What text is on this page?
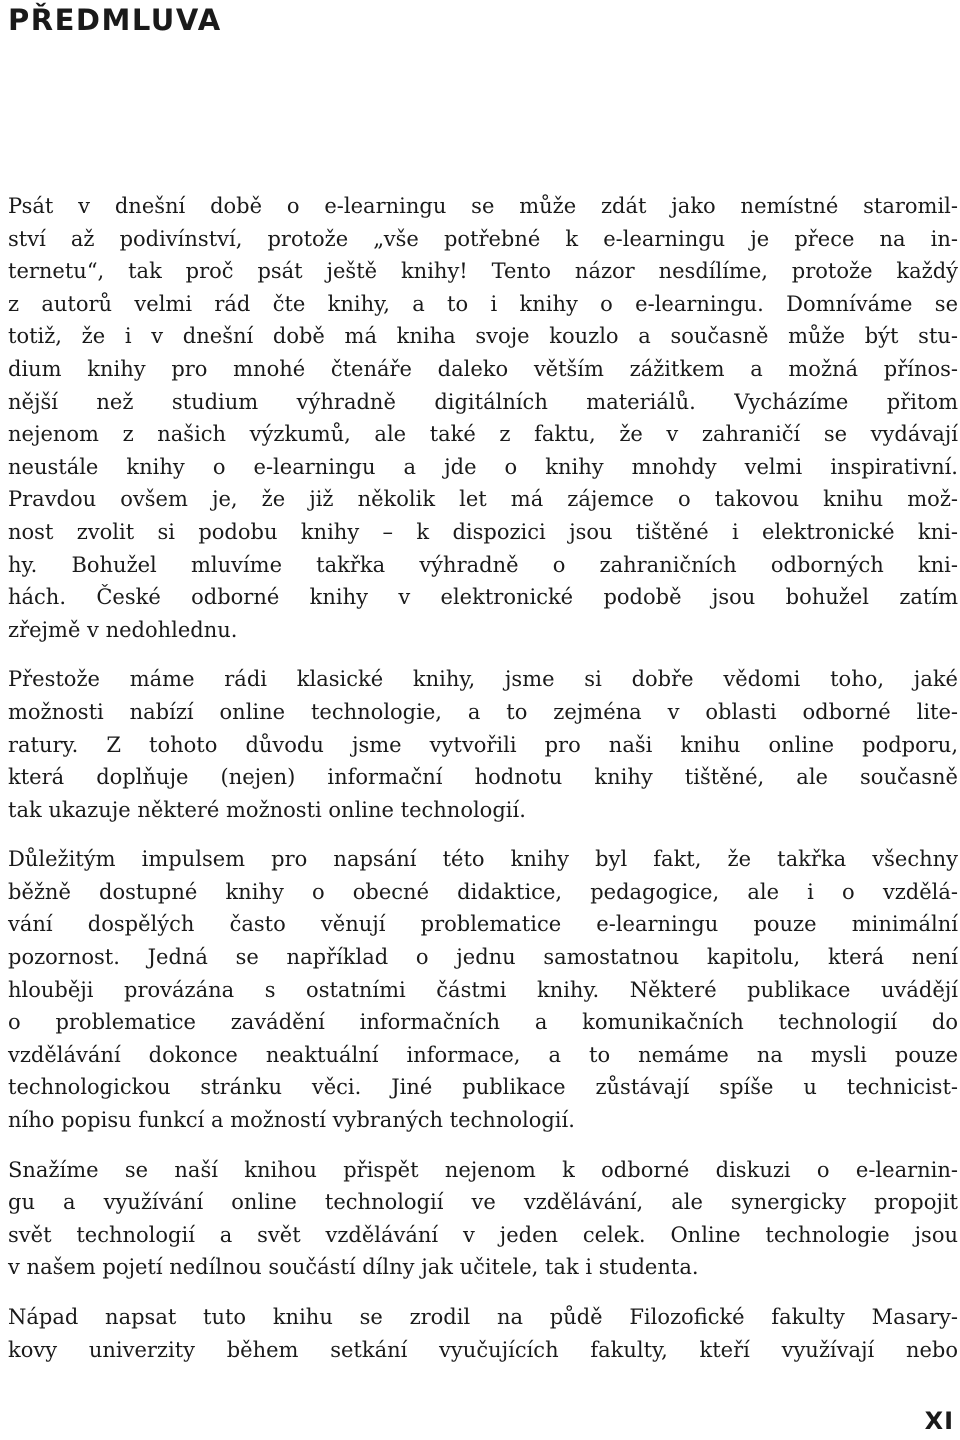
PŘEDMLUVA

Psát v dnešní době o e-learningu se může zdát jako nemístné staromil-
ství až podivínství, protože „vše potřebné k e-learningu je přece na in-
ternetu“, tak proč psát ještě knihy! Tento názor nesdílíme, protože každý
z autorů velmi rád čte knihy, a to i knihy o e-learningu. Domníváme se
totiž, že i v dnešní době má kniha svoje kouzlo a současně může být stu-
dium knihy pro mnohé čtenáře daleko větším zážitkem a možná přínos-
nější než studium výhradně digitálních materiálů. Vycházíme přitom
nejenom z našich výzkumů, ale také z faktu, že v zahraničí se vydávají
neustále knihy o e-learningu a jde o knihy mnohdy velmi inspirativní.
Pravdou ovšem je, že již několik let má zájemce o takovou knihu mož-
nost zvolit si podobu knihy – k dispozici jsou tištěné i elektronické kni-
hy. Bohužel mluvíme takřka výhradně o zahraničních odborných kni-
hách. České odborné knihy v elektronické podobě jsou bohužel zatím
zřejmě v nedohlednu.

Přestože máme rádi klasické knihy, jsme si dobře vědomi toho, jaké
možnosti nabízí online technologie, a to zejména v oblasti odborné lite-
ratury. Z tohoto důvodu jsme vytvořili pro naši knihu online podporu,
která doplňuje (nejen) informační hodnotu knihy tištěné, ale současně
tak ukazuje některé možnosti online technologií.

Důležitým impulsem pro napsání této knihy byl fakt, že takřka všechny
běžně dostupné knihy o obecné didaktice, pedagogice, ale i o vzdělá-
vání dospělých často věnují problematice e-learningu pouze minimální
pozornost. Jedná se například o jednu samostatnou kapitolu, která není
hlouběji provázána s ostatními částmi knihy. Některé publikace uvádějí
o problematice zavádění informačních a komunikačních technologií do
vzdělávání dokonce neaktuální informace, a to nemáme na mysli pouze
technologickou stránku věci. Jiné publikace zůstávají spíše u technicist-
ního popisu funkcí a možností vybraných technologií.

Snažíme se naší knihou přispět nejenom k odborné diskuzi o e-learnin-
gu a využívání online technologií ve vzdělávání, ale synergicky propojit
svět technologií a svět vzdělávání v jeden celek. Online technologie jsou
v našem pojetí nedílnou součástí dílny jak učitele, tak i studenta.

Nápad napsat tuto knihu se zrodil na půdě Filozofické fakulty Masary-
kovy univerzity během setkání vyučujících fakulty, kteří využívají nebo

XI
